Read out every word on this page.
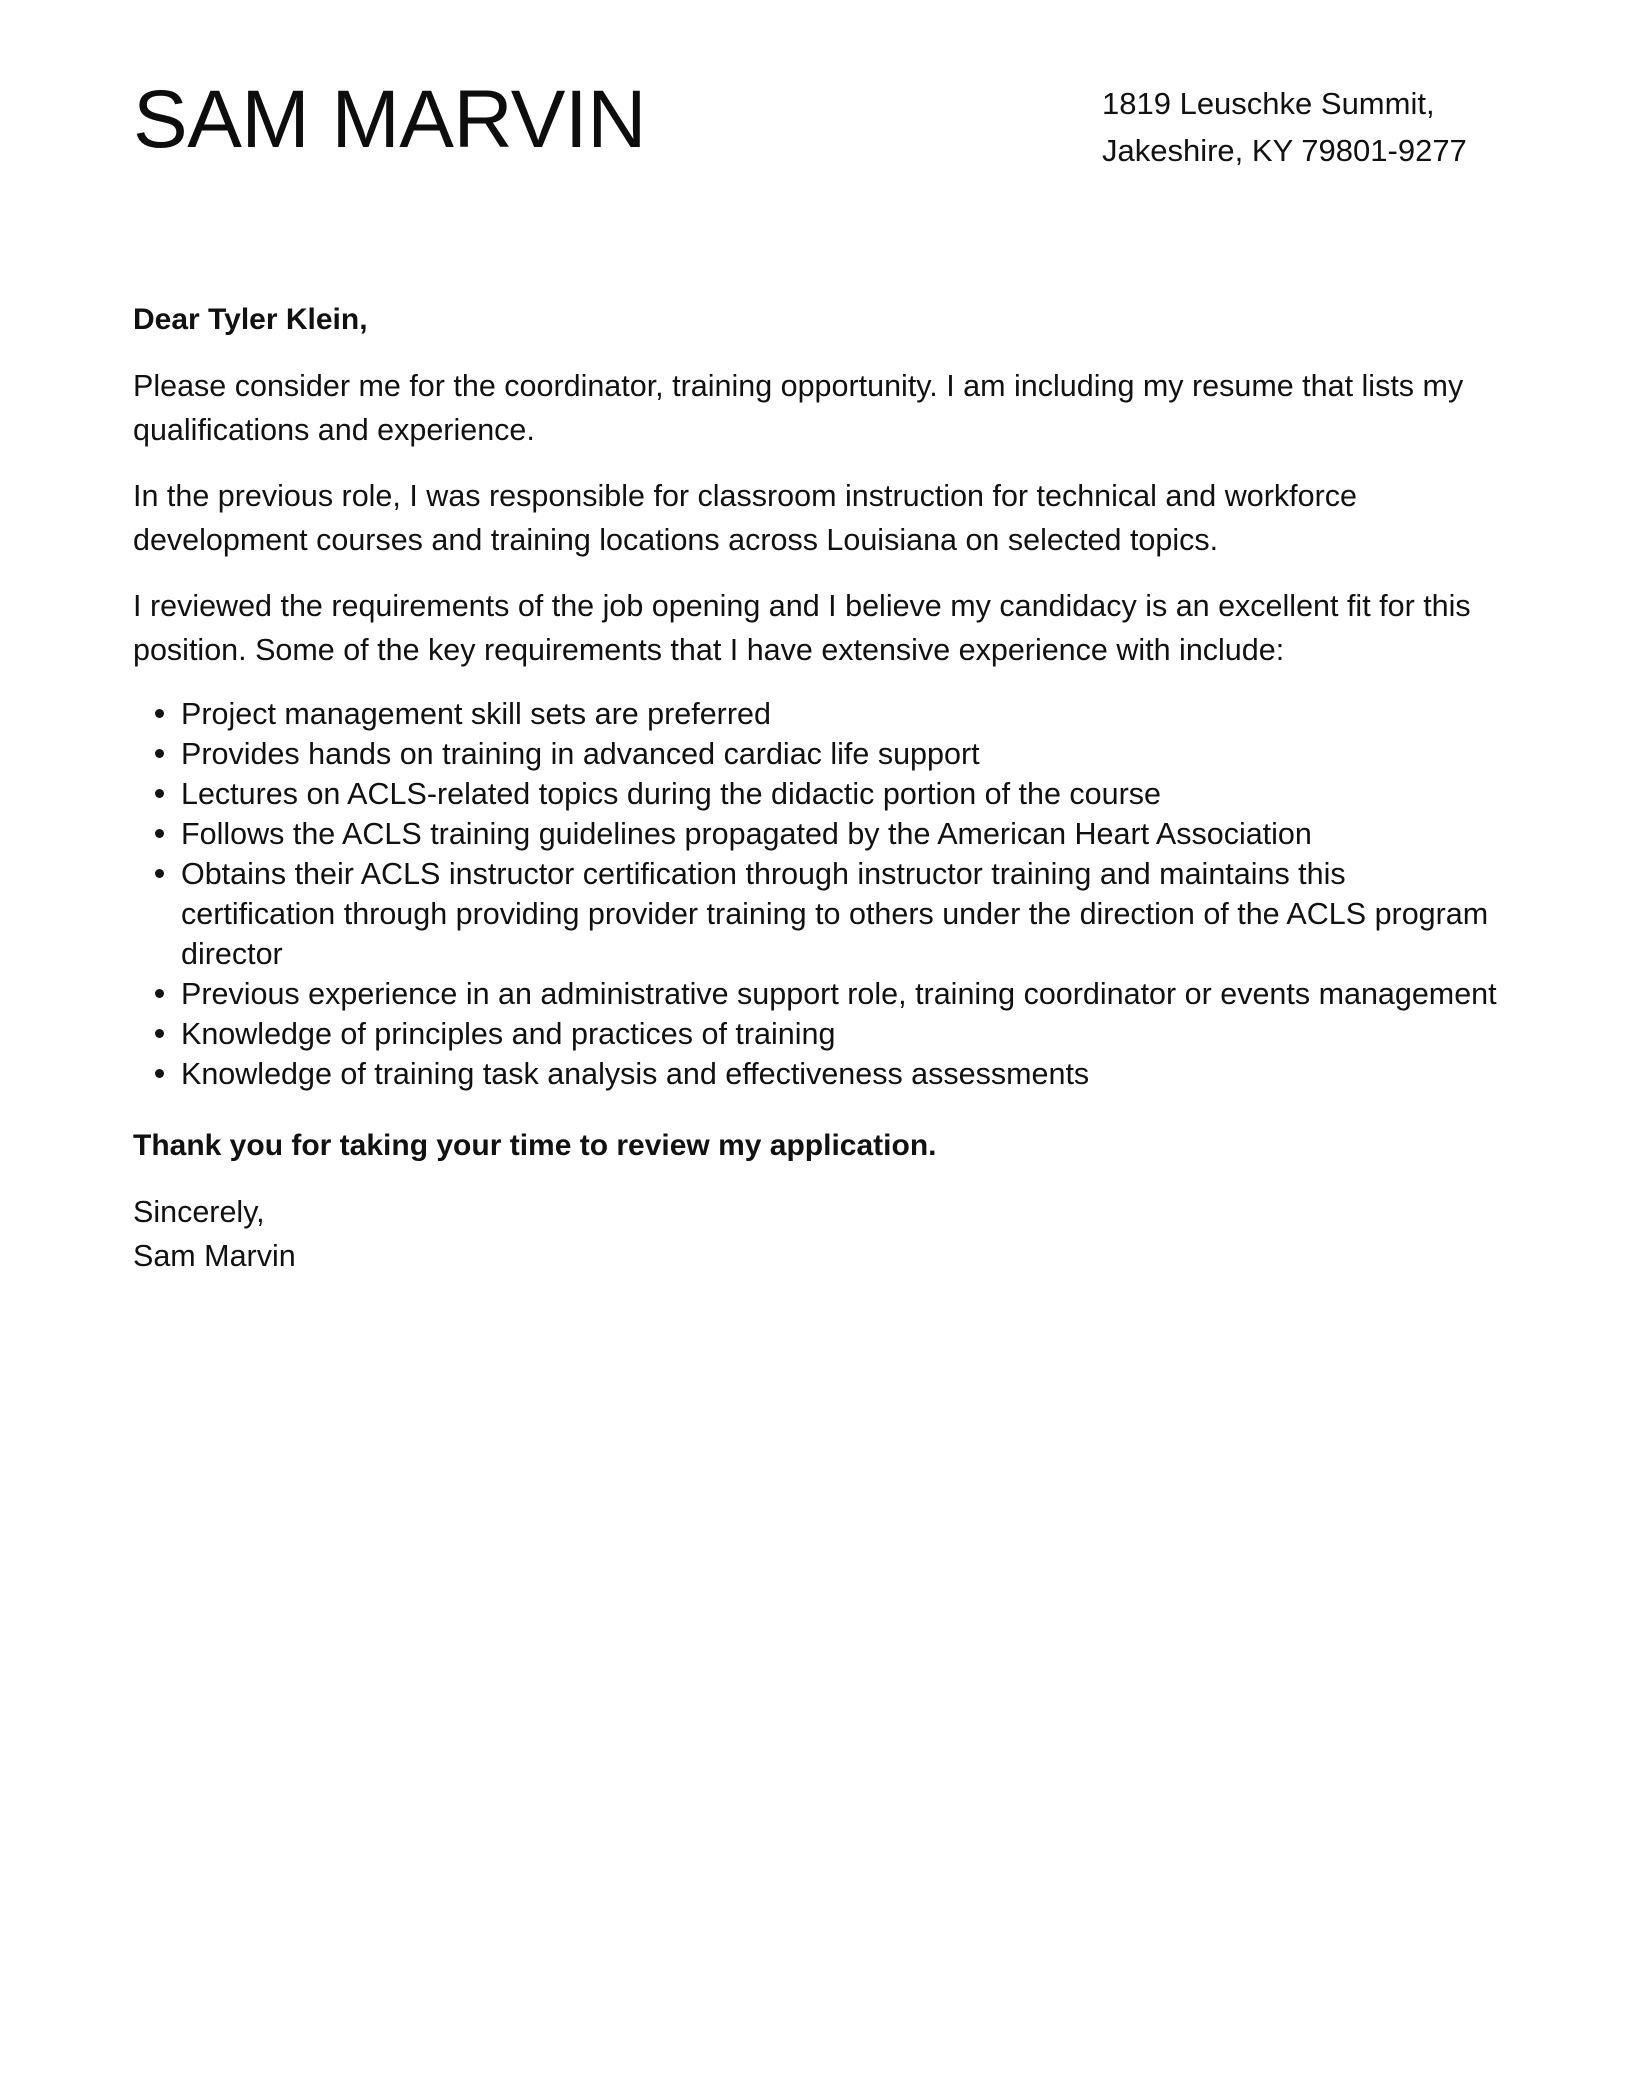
SAM MARVIN	1819 Leuschke Summit,
Jakeshire, KY 79801-9277

Dear Tyler Klein,

Please consider me for the coordinator, training opportunity. I am including my resume that lists my qualifications and experience.

In the previous role, I was responsible for classroom instruction for technical and workforce development courses and training locations across Louisiana on selected topics.

I reviewed the requirements of the job opening and I believe my candidacy is an excellent fit for this position. Some of the key requirements that I have extensive experience with include:

Project management skill sets are preferred
Provides hands on training in advanced cardiac life support
Lectures on ACLS-related topics during the didactic portion of the course
Follows the ACLS training guidelines propagated by the American Heart Association
Obtains their ACLS instructor certification through instructor training and maintains this certification through providing provider training to others under the direction of the ACLS program director
Previous experience in an administrative support role, training coordinator or events management
Knowledge of principles and practices of training
Knowledge of training task analysis and effectiveness assessments

Thank you for taking your time to review my application.

Sincerely,
Sam Marvin
